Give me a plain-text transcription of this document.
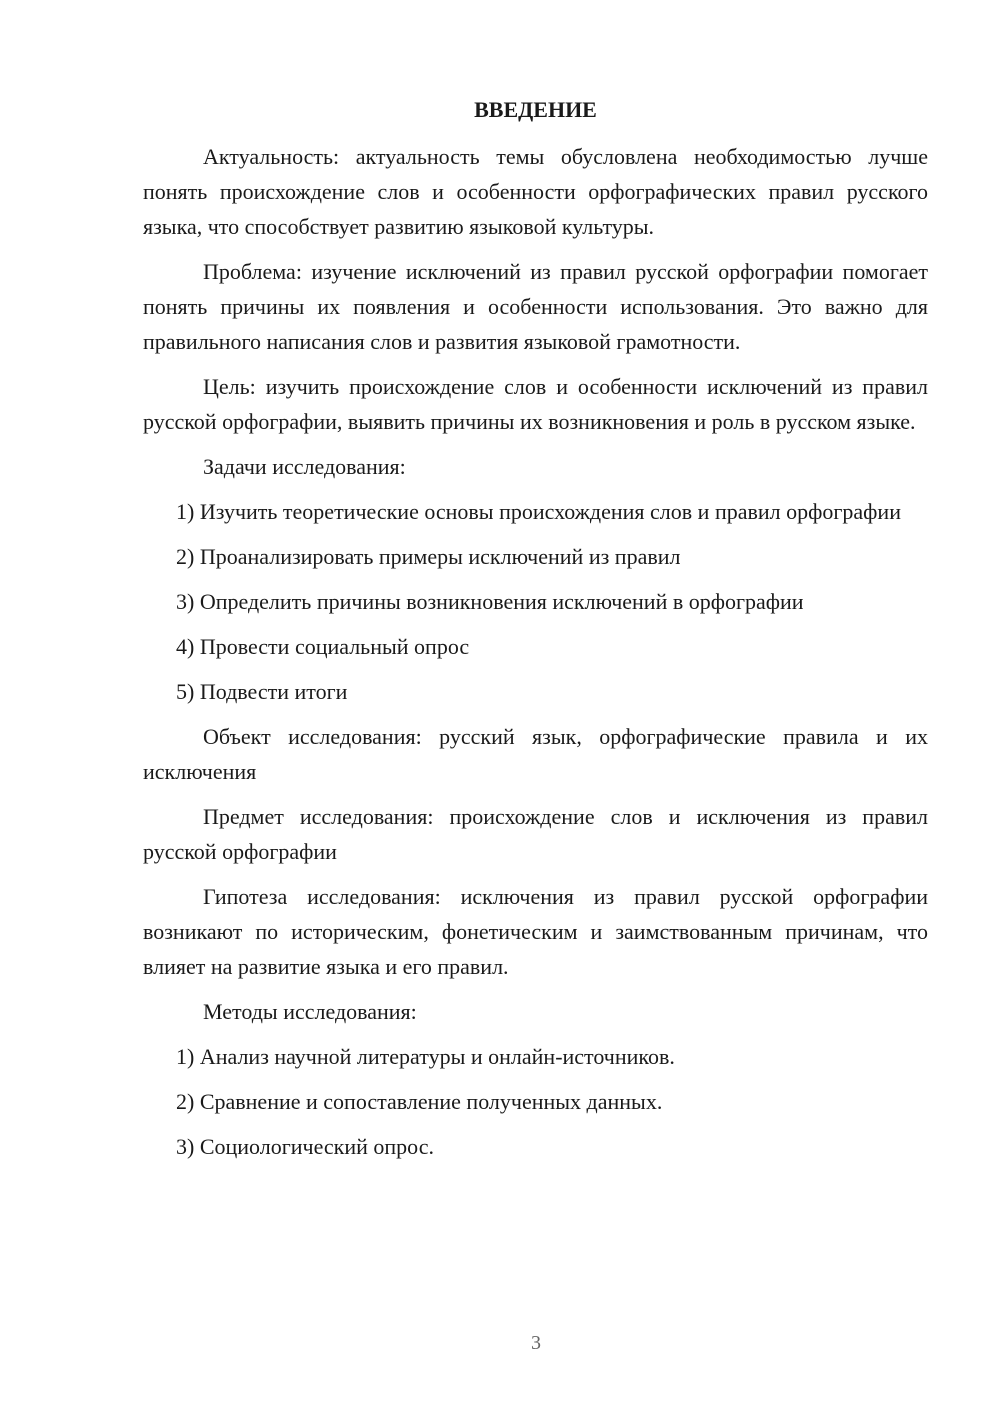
ВВЕДЕНИЕ

Актуальность: актуальность темы обусловлена необходимостью лучше понять происхождение слов и особенности орфографических правил русского языка, что способствует развитию языковой культуры.

Проблема: изучение исключений из правил русской орфографии помогает понять причины их появления и особенности использования. Это важно для правильного написания слов и развития языковой грамотности.

Цель: изучить происхождение слов и особенности исключений из правил русской орфографии, выявить причины их возникновения и роль в русском языке.

Задачи исследования:

1) Изучить теоретические основы происхождения слов и правил орфографии

2) Проанализировать примеры исключений из правил

3) Определить причины возникновения исключений в орфографии

4) Провести социальный опрос

5) Подвести итоги

Объект исследования: русский язык, орфографические правила и их исключения

Предмет исследования: происхождение слов и исключения из правил русской орфографии

Гипотеза исследования: исключения из правил русской орфографии возникают по историческим, фонетическим и заимствованным причинам, что влияет на развитие языка и его правил.

Методы исследования:

1) Анализ научной литературы и онлайн-источников.

2) Сравнение и сопоставление полученных данных.

3) Социологический опрос.

3
